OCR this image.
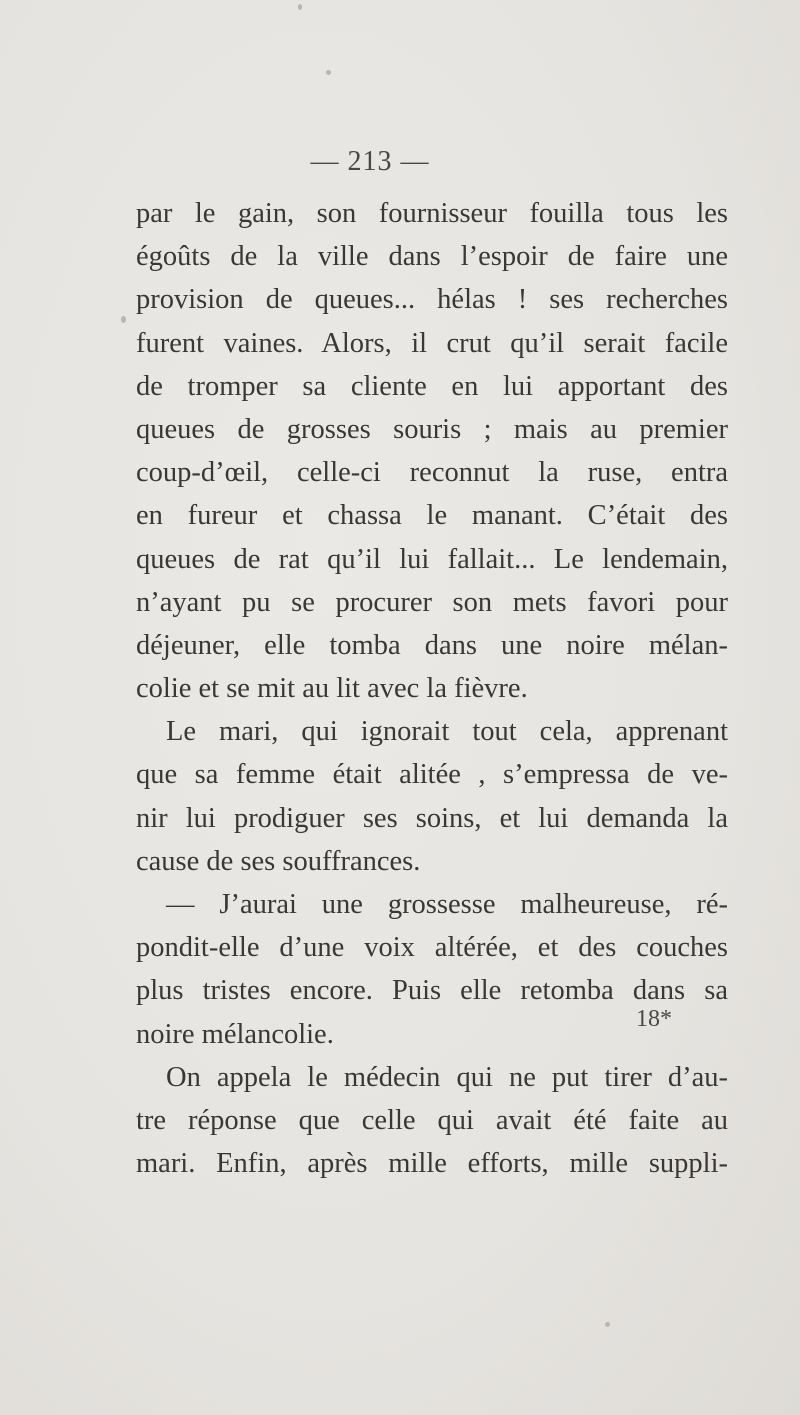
— 213 —
par le gain, son fournisseur fouilla tous les
égoûts de la ville dans l’espoir de faire une
provision de queues... hélas ! ses recherches
furent vaines. Alors, il crut qu’il serait facile
de tromper sa cliente en lui apportant des
queues de grosses souris ; mais au premier
coup-d’œil, celle-ci reconnut la ruse, entra
en fureur et chassa le manant. C’était des
queues de rat qu’il lui fallait... Le lendemain,
n’ayant pu se procurer son mets favori pour
déjeuner, elle tomba dans une noire mélan-
colie et se mit au lit avec la fièvre.
Le mari, qui ignorait tout cela, apprenant
que sa femme était alitée , s’empressa de ve-
nir lui prodiguer ses soins, et lui demanda la
cause de ses souffrances.
— J’aurai une grossesse malheureuse, ré-
pondit-elle d’une voix altérée, et des couches
plus tristes encore. Puis elle retomba dans sa
noire mélancolie.
On appela le médecin qui ne put tirer d’au-
tre réponse que celle qui avait été faite au
mari. Enfin, après mille efforts, mille suppli-
18*
